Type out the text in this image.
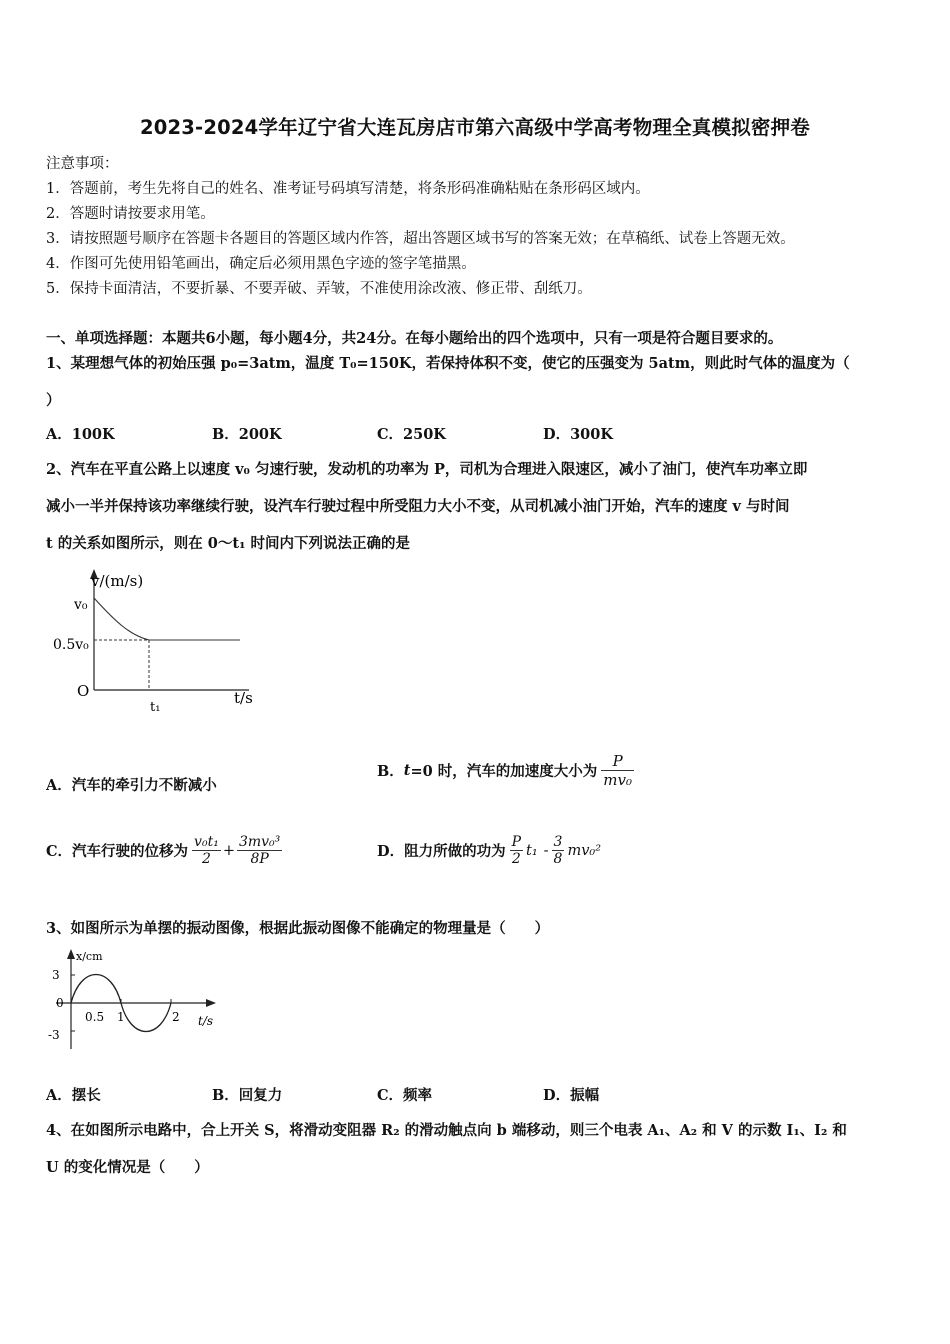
2023-2024学年辽宁省大连瓦房店市第六高级中学高考物理全真模拟密押卷
注意事项：
1．答题前，考生先将自己的姓名、准考证号码填写清楚，将条形码准确粘贴在条形码区域内。
2．答题时请按要求用笔。
3．请按照题号顺序在答题卡各题目的答题区域内作答，超出答题区域书写的答案无效；在草稿纸、试卷上答题无效。
4．作图可先使用铅笔画出，确定后必须用黑色字迹的签字笔描黑。
5．保持卡面清洁，不要折暴、不要弄破、弄皱，不准使用涂改液、修正带、刮纸刀。
一、单项选择题：本题共6小题，每小题4分，共24分。在每小题给出的四个选项中，只有一项是符合题目要求的。
1、某理想气体的初始压强 p₀=3atm，温度 T₀=150K，若保持体积不变，使它的压强变为 5atm，则此时气体的温度为（
）
A．100K	B．200K	C．250K	D．300K
2、汽车在平直公路上以速度 v₀ 匀速行驶，发动机的功率为 P，司机为合理进入限速区，减小了油门，使汽车功率立即
减小一半并保持该功率继续行驶，设汽车行驶过程中所受阻力大小不变，从司机减小油门开始，汽车的速度 v 与时间
t 的关系如图所示，则在 0～t₁ 时间内下列说法正确的是
v/(m/s)
v₀
0.5v₀
O
t₁
t/s
A．汽车的牵引力不断减小
B． t =0 时，汽车的加速度大小为 $\frac{P}{\text{mv₀}}$
C．汽车行驶的位移为 $\frac{\text{v₀t₁}}{2} + \frac{\text{3mv₀³}}{8P}$	D．阻力所做的功为 $\frac{P}{2} t_1 - \frac{3}{8} mv_0^2$
3、如图所示为单摆的振动图像，根据此振动图像不能确定的物理量是（　　）
x/cm
3
0
-3
0.5 1	2 t/s
A．摆长	B．回复力	C．频率	D．振幅
4、在如图所示电路中，合上开关 S，将滑动变阻器 R₂ 的滑动触点向 b 端移动，则三个电表 A₁、A₂ 和 V 的示数 I₁、I₂ 和
U 的变化情况是（　　）
